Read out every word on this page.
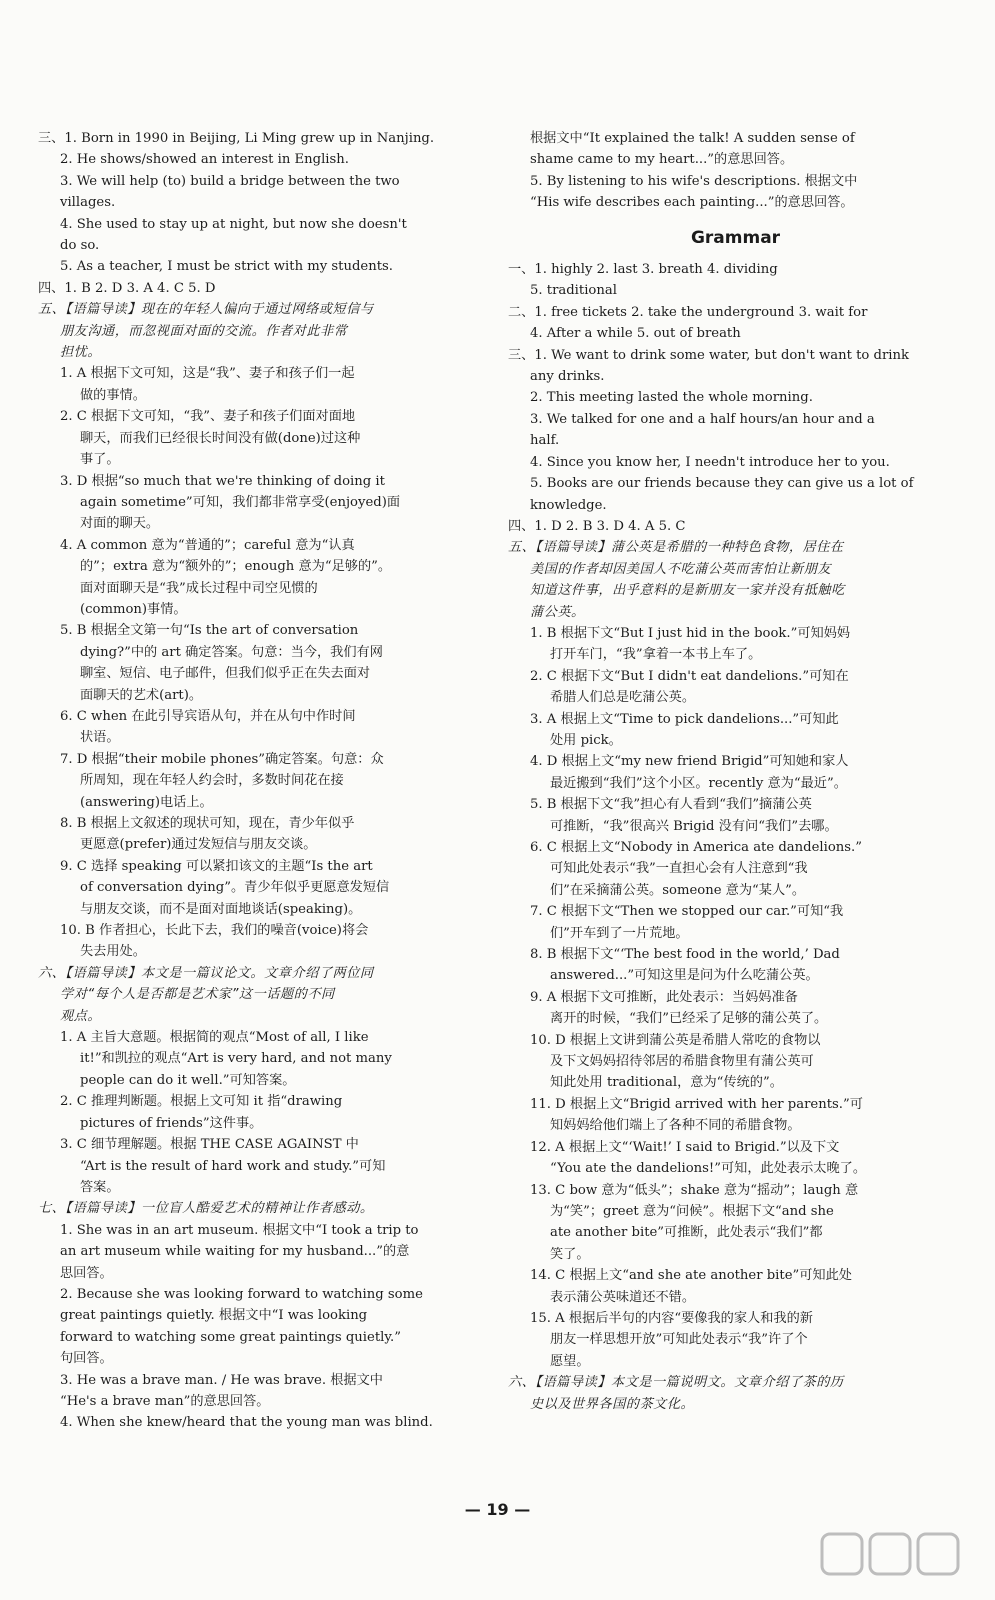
三、1. Born in 1990 in Beijing, Li Ming grew up in Nanjing.
2. He shows/showed an interest in English.
3. We will help (to) build a bridge between the two
villages.
4. She used to stay up at night, but now she doesn't
do so.
5. As a teacher, I must be strict with my students.
四、1. B 2. D 3. A 4. C 5. D
五、【语篇导读】现在的年轻人偏向于通过网络或短信与
朋友沟通，而忽视面对面的交流。作者对此非常
担忧。
1. A 根据下文可知，这是“我”、妻子和孩子们一起
做的事情。
2. C 根据下文可知，“我”、妻子和孩子们面对面地
聊天，而我们已经很长时间没有做(done)过这种
事了。
3. D 根据“so much that we're thinking of doing it
again sometime”可知，我们都非常享受(enjoyed)面
对面的聊天。
4. A common 意为“普通的”；careful 意为“认真
的”；extra 意为“额外的”；enough 意为“足够的”。
面对面聊天是“我”成长过程中司空见惯的
(common)事情。
5. B 根据全文第一句“Is the art of conversation
dying?”中的 art 确定答案。句意：当今，我们有网
聊室、短信、电子邮件，但我们似乎正在失去面对
面聊天的艺术(art)。
6. C when 在此引导宾语从句，并在从句中作时间
状语。
7. D 根据“their mobile phones”确定答案。句意：众
所周知，现在年轻人约会时，多数时间花在接
(answering)电话上。
8. B 根据上文叙述的现状可知，现在，青少年似乎
更愿意(prefer)通过发短信与朋友交谈。
9. C 选择 speaking 可以紧扣该文的主题“Is the art
of conversation dying”。青少年似乎更愿意发短信
与朋友交谈，而不是面对面地谈话(speaking)。
10. B 作者担心，长此下去，我们的噪音(voice)将会
失去用处。
六、【语篇导读】本文是一篇议论文。文章介绍了两位同
学对“每个人是否都是艺术家”这一话题的不同
观点。
1. A 主旨大意题。根据简的观点“Most of all, I like
it!”和凯拉的观点“Art is very hard, and not many
people can do it well.”可知答案。
2. C 推理判断题。根据上文可知 it 指“drawing
pictures of friends”这件事。
3. C 细节理解题。根据 THE CASE AGAINST 中
“Art is the result of hard work and study.”可知
答案。
七、【语篇导读】一位盲人酷爱艺术的精神让作者感动。
1. She was in an art museum. 根据文中“I took a trip to
an art museum while waiting for my husband...”的意
思回答。
2. Because she was looking forward to watching some
great paintings quietly. 根据文中“I was looking
forward to watching some great paintings quietly.”
句回答。
3. He was a brave man. / He was brave. 根据文中
“He's a brave man”的意思回答。
4. When she knew/heard that the young man was blind.
根据文中“It explained the talk! A sudden sense of
shame came to my heart...”的意思回答。
5. By listening to his wife's descriptions. 根据文中
“His wife describes each painting...”的意思回答。
Grammar
一、1. highly 2. last 3. breath 4. dividing
5. traditional
二、1. free tickets 2. take the underground 3. wait for
4. After a while 5. out of breath
三、1. We want to drink some water, but don't want to drink
any drinks.
2. This meeting lasted the whole morning.
3. We talked for one and a half hours/an hour and a
half.
4. Since you know her, I needn't introduce her to you.
5. Books are our friends because they can give us a lot of
knowledge.
四、1. D 2. B 3. D 4. A 5. C
五、【语篇导读】蒲公英是希腊的一种特色食物，居住在
美国的作者却因美国人不吃蒲公英而害怕让新朋友
知道这件事，出乎意料的是新朋友一家并没有抵触吃
蒲公英。
1. B 根据下文“But I just hid in the book.”可知妈妈
打开车门，“我”拿着一本书上车了。
2. C 根据下文“But I didn't eat dandelions.”可知在
希腊人们总是吃蒲公英。
3. A 根据上文“Time to pick dandelions...”可知此
处用 pick。
4. D 根据上文“my new friend Brigid”可知她和家人
最近搬到“我们”这个小区。recently 意为“最近”。
5. B 根据下文“我”担心有人看到“我们”摘蒲公英
可推断，“我”很高兴 Brigid 没有问“我们”去哪。
6. C 根据上文“Nobody in America ate dandelions.”
可知此处表示“我”一直担心会有人注意到“我
们”在采摘蒲公英。someone 意为“某人”。
7. C 根据下文“Then we stopped our car.”可知“我
们”开车到了一片荒地。
8. B 根据下文“‘The best food in the world,’ Dad
answered...”可知这里是问为什么吃蒲公英。
9. A 根据下文可推断，此处表示：当妈妈准备
离开的时候，“我们”已经采了足够的蒲公英了。
10. D 根据上文讲到蒲公英是希腊人常吃的食物以
及下文妈妈招待邻居的希腊食物里有蒲公英可
知此处用 traditional，意为“传统的”。
11. D 根据上文“Brigid arrived with her parents.”可
知妈妈给他们端上了各种不同的希腊食物。
12. A 根据上文“‘Wait!’ I said to Brigid.”以及下文
“You ate the dandelions!”可知，此处表示太晚了。
13. C bow 意为“低头”；shake 意为“摇动”；laugh 意
为“笑”；greet 意为“问候”。根据下文“and she
ate another bite”可推断，此处表示“我们”都
笑了。
14. C 根据上文“and she ate another bite”可知此处
表示蒲公英味道还不错。
15. A 根据后半句的内容“要像我的家人和我的新
朋友一样思想开放”可知此处表示“我”许了个
愿望。
六、【语篇导读】本文是一篇说明文。文章介绍了茶的历
史以及世界各国的茶文化。
— 19 —
